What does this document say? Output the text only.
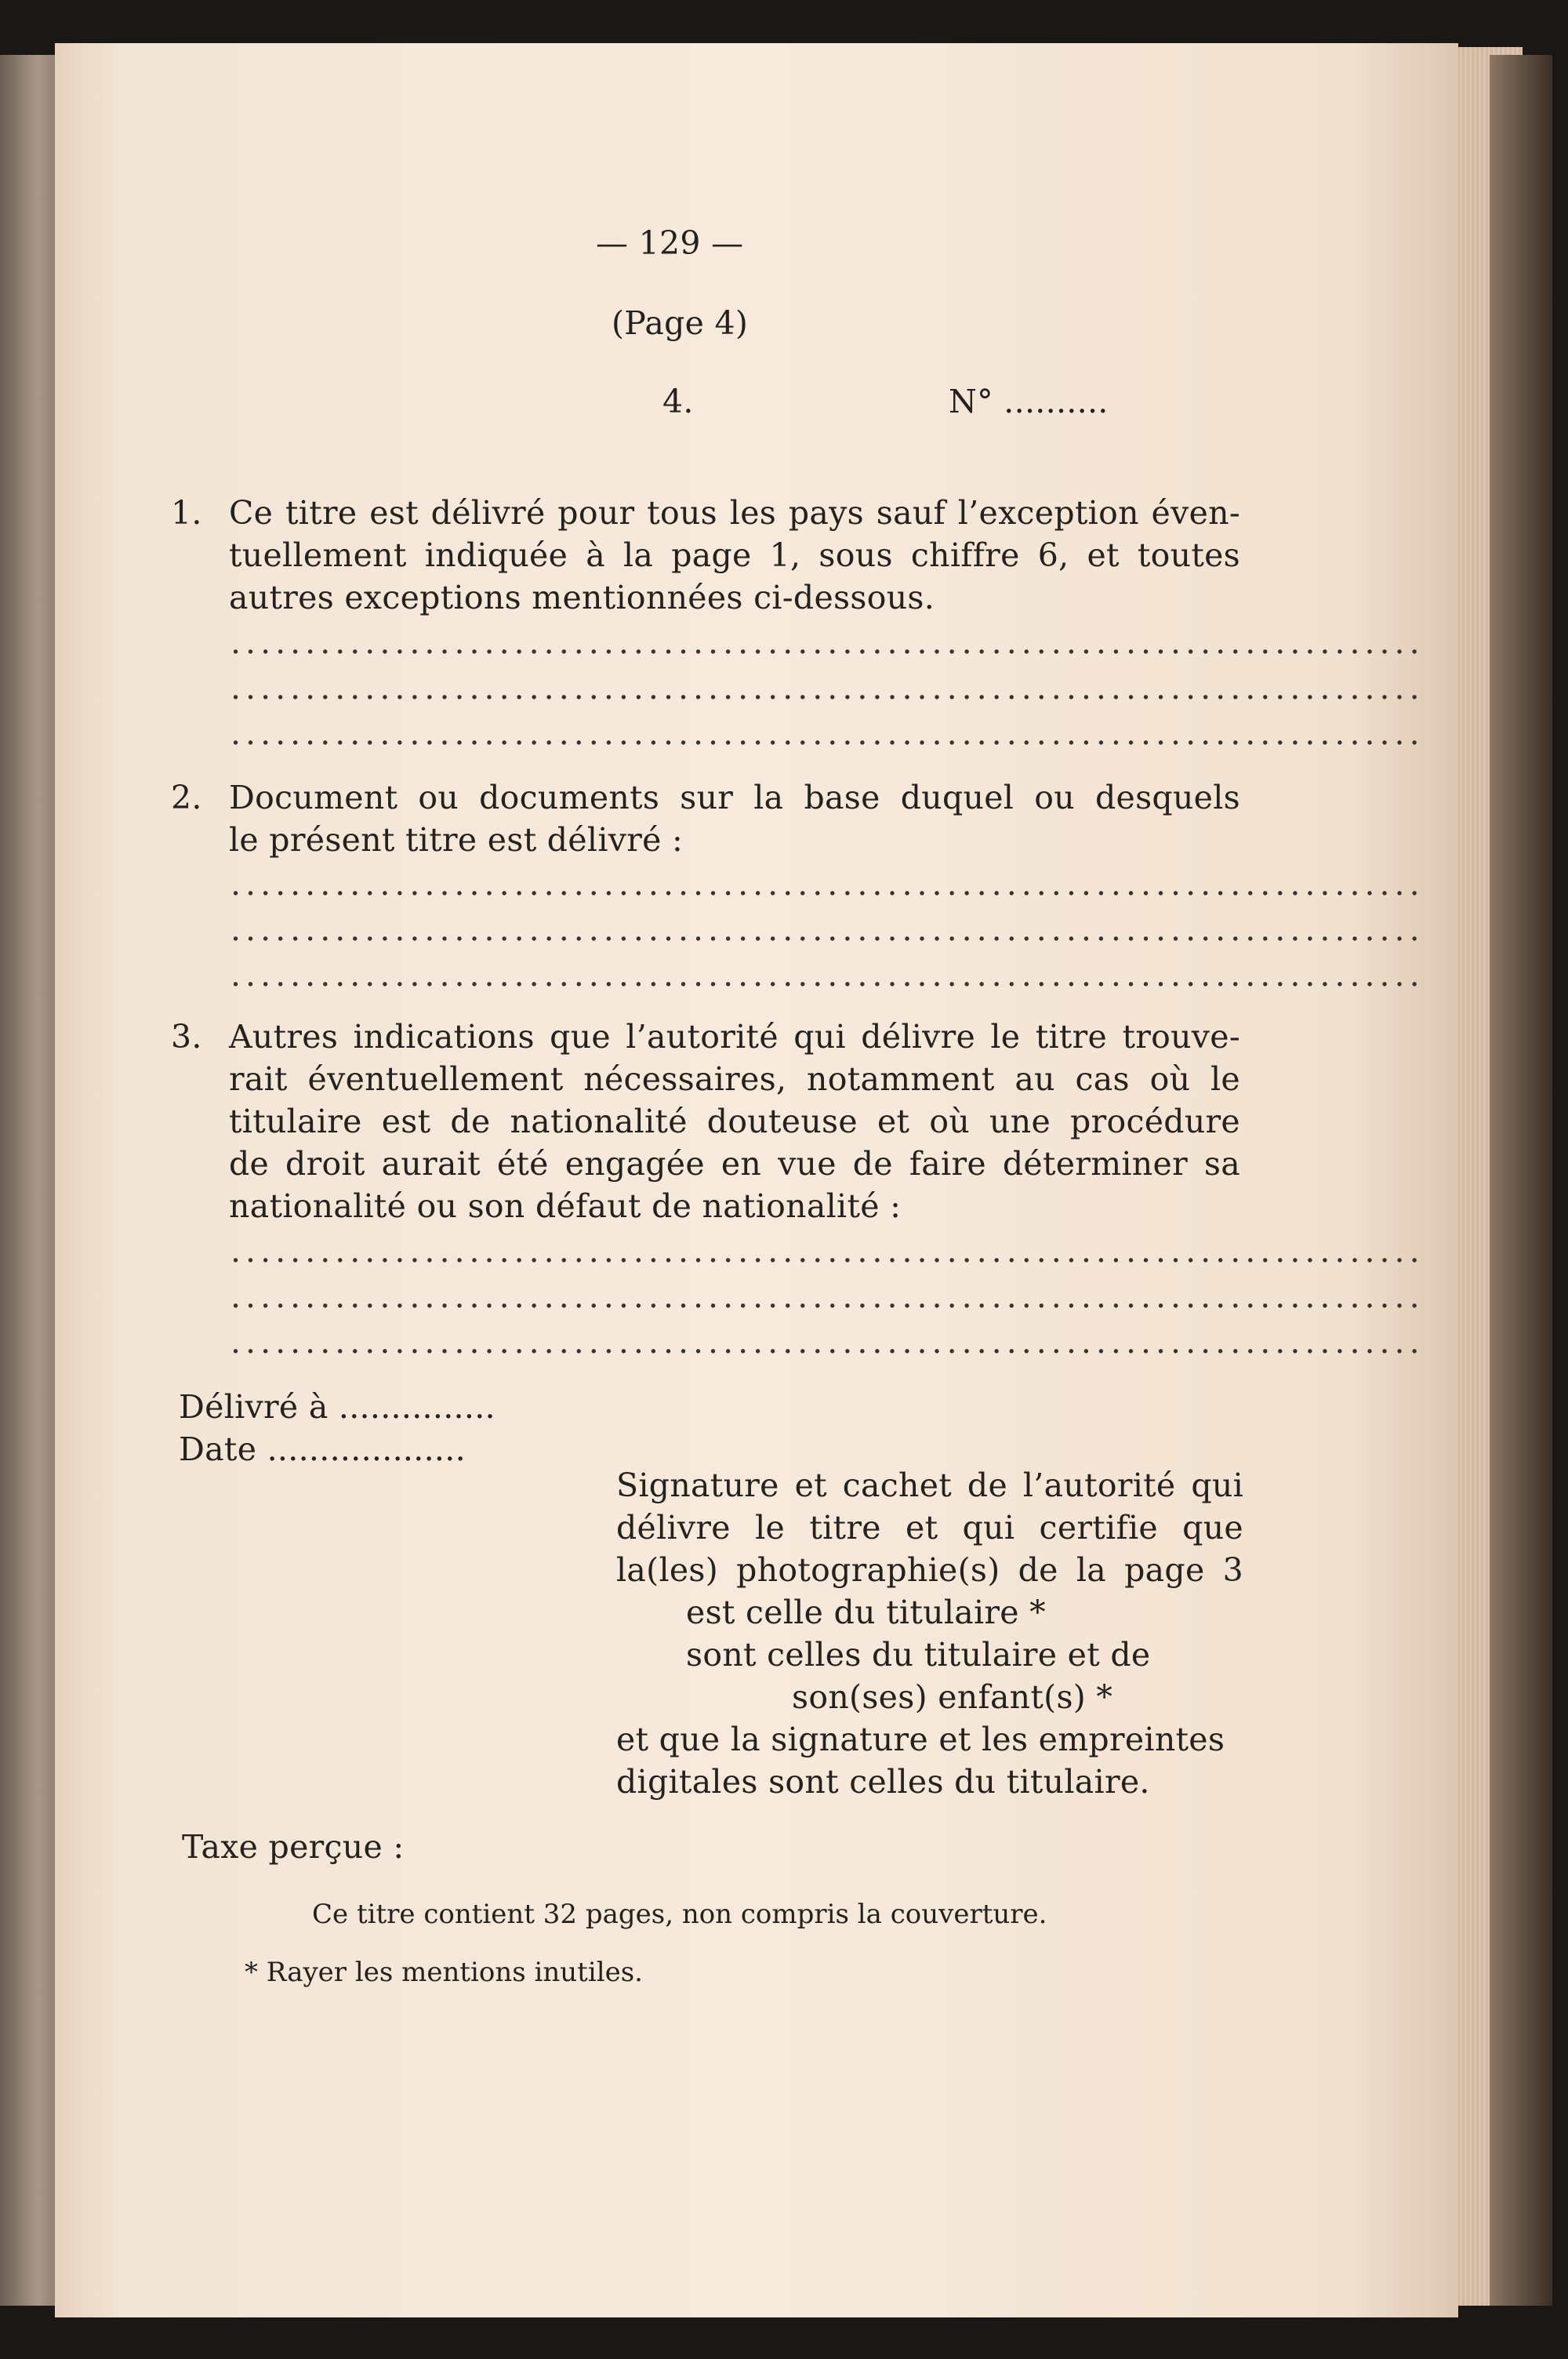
— 129 —
(Page 4)
4.	N° ..........
1. Ce titre est délivré pour tous les pays sauf l’exception éven-
tuellement indiquée à la page 1, sous chiffre 6, et toutes
autres exceptions mentionnées ci-dessous.
................................................................................
................................................................................
................................................................................
2. Document ou documents sur la base duquel ou desquels
le présent titre est délivré :
................................................................................
................................................................................
................................................................................
3. Autres indications que l’autorité qui délivre le titre trouve-
rait éventuellement nécessaires, notamment au cas où le
titulaire est de nationalité douteuse et où une procédure
de droit aurait été engagée en vue de faire déterminer sa
nationalité ou son défaut de nationalité :
................................................................................
................................................................................
................................................................................
Délivré à ...............
Date ...................
Signature et cachet de l’autorité qui
délivre le titre et qui certifie que
la(les) photographie(s) de la page 3
est celle du titulaire *
sont celles du titulaire et de
son(ses) enfant(s) *
et que la signature et les empreintes
digitales sont celles du titulaire.
Taxe perçue :
Ce titre contient 32 pages, non compris la couverture.
* Rayer les mentions inutiles.
